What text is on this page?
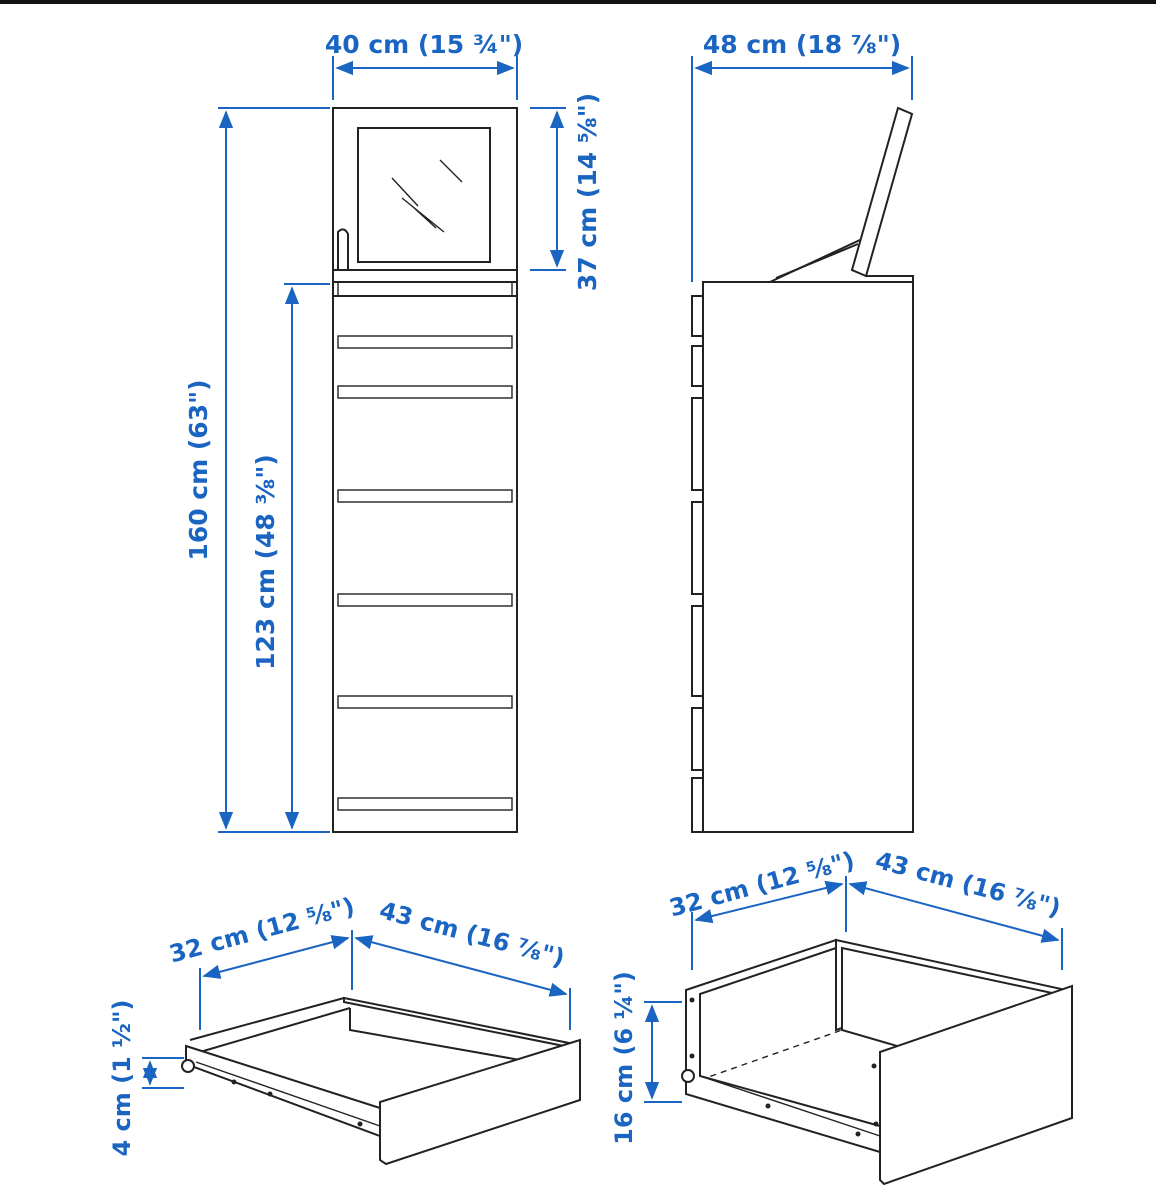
40 cm (15 ¾")
160 cm (63") 123 cm (48 ⅜")
37 cm (14 ⅝")
48 cm (18 ⅞")
32 cm (12 ⅝") 43 cm (16 ⅞")
4 cm (1 ½")
32 cm (12 ⅝") 43 cm (16 ⅞")
16 cm (6 ¼")
